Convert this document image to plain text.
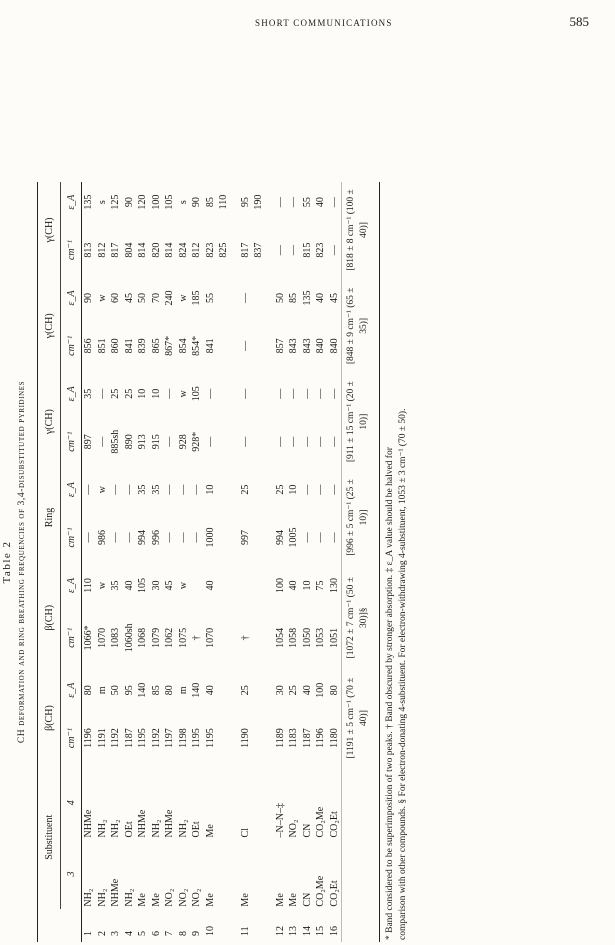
SHORT COMMUNICATIONS	585
Table 2 CH deformation and ring breathing frequencies of 3,4-disubstituted pyridines
	Substituent		β(CH)		β(CH)		Ring		γ(CH)		γ(CH)		γ(CH)	
	3	4	cm⁻¹	ε_A	cm⁻¹	ε_A	cm⁻¹	ε_A	cm⁻¹	ε_A	cm⁻¹	ε_A	cm⁻¹	ε_A
1	NH₂	NHMe	1196	80	1066*	110	—	—	897	35	856	90	813	135
2	NH₂	NH₂	1191	m	1070	w	986	w	—	—	851	w	812	s
3	NHMe	NH₂	1192	50	1083	35	—	—	885sh	25	860	60	817	125
4	NH₂	OEt	1187	95	1060sh	40	—	—	890	25	841	45	804	90
5	Me	NHMe	1195	140	1068	105	994	35	913	10	839	50	814	120
6	Me	NH₂	1192	85	1079	30	996	35	915	10	865	70	820	100
7	NO₂	NHMe	1197	80	1062	45	—	—	—	—	867*	240	814	105
8	NO₂	NH₂	1198	m	1075	w	—	—	928	w	854	w	824	s
9	NO₂	OEt	1195	140	†		—	—	928*	105	854*	185	812	90
10	Me	Me	1195	40	1070	40	1000	10	—	—	841	55	823	85
													825	110
11	Me	Cl	1190	25	†		997	25	—	—	—	—	817	95
													837	190
12	Me	–N–N–‡	1189	30	1054	100	994	25	—	—	857	50	—	—
13	Me	NO₂	1183	25	1058	40	1005	10	—	—	843	85	—	—
14	CN	CN	1187	40	1050	10	—	—	—	—	843	135	815	55
15	CO₂Me	CO₂Me	1196	100	1053	75	—	—	—	—	840	40	823	40
16	CO₂Et	CO₂Et	1180	80	1051	130	—	—	—	—	840	45	—	—
			[1191 ± 5 cm⁻¹ (70 ± 40)]		[1072 ± 7 cm⁻¹ (50 ± 30)]§		[996 ± 5 cm⁻¹ (25 ± 10)]		[911 ± 15 cm⁻¹ (20 ± 10)]		[848 ± 9 cm⁻¹ (65 ± 35)]		[818 ± 8 cm⁻¹ (100 ± 40)]	
* Band considered to be superimposition of two peaks. † Band obscured by stronger absorption. ‡ ε_A value should be halved for comparison with other compounds. § For electron-donating 4-substituent. For electron-withdrawing 4-substituent, 1053 ± 3 cm⁻¹ (70 ± 50).
